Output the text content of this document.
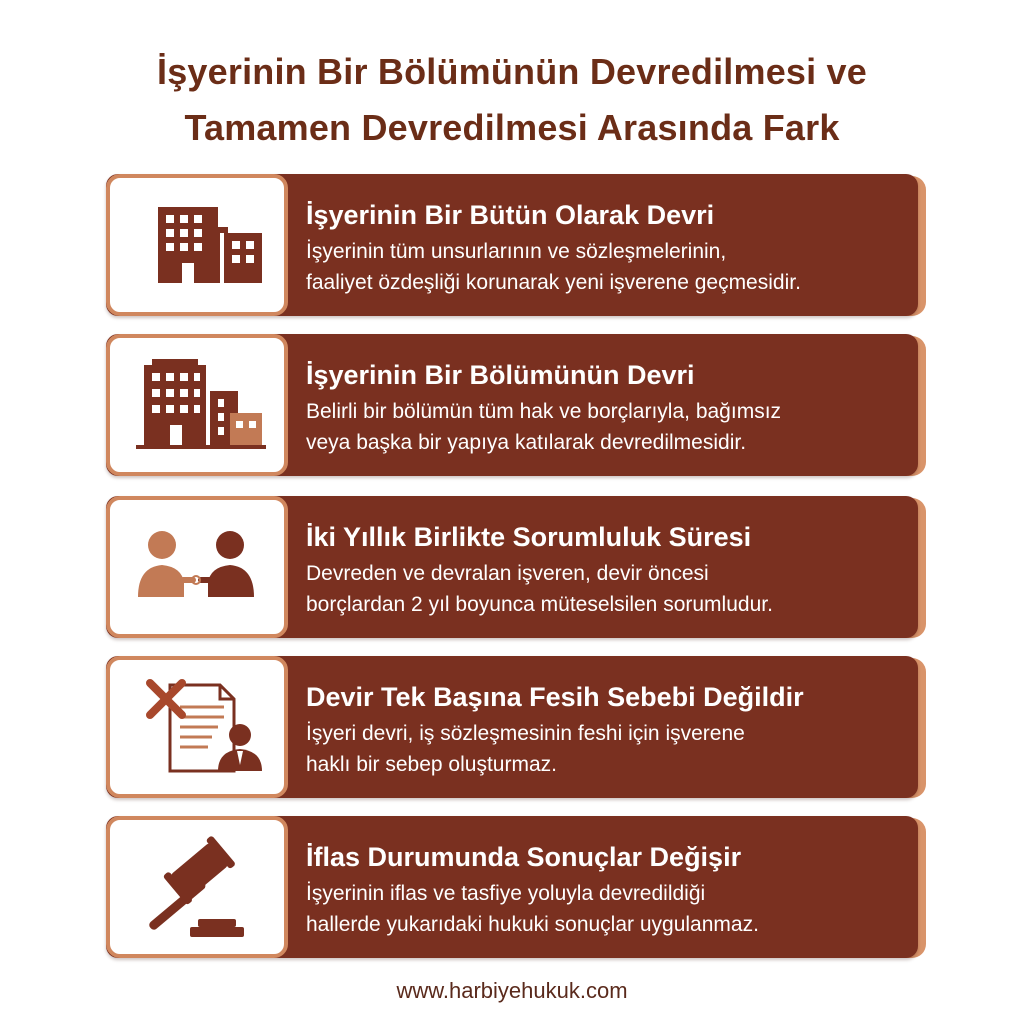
İşyerinin Bir Bölümünün Devredilmesi ve
Tamamen Devredilmesi Arasında Fark
İşyerinin Bir Bütün Olarak Devri
İşyerinin tüm unsurlarının ve sözleşmelerinin,
faaliyet özdeşliği korunarak yeni işverene geçmesidir.
İşyerinin Bir Bölümünün Devri
Belirli bir bölümün tüm hak ve borçlarıyla, bağımsız
veya başka bir yapıya katılarak devredilmesidir.
İki Yıllık Birlikte Sorumluluk Süresi
Devreden ve devralan işveren, devir öncesi
borçlardan 2 yıl boyunca müteselsilen sorumludur.
Devir Tek Başına Fesih Sebebi Değildir
İşyeri devri, iş sözleşmesinin feshi için işverene
haklı bir sebep oluşturmaz.
İflas Durumunda Sonuçlar Değişir
İşyerinin iflas ve tasfiye yoluyla devredildiği
hallerde yukarıdaki hukuki sonuçlar uygulanmaz.
www.harbiyehukuk.com
